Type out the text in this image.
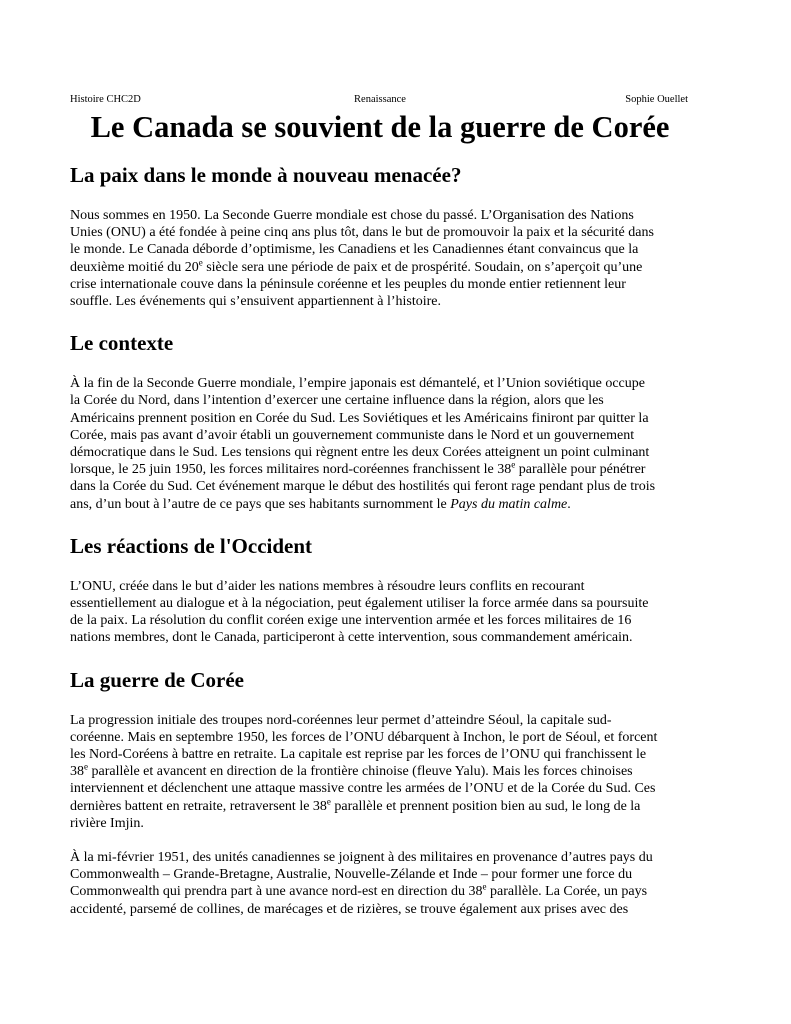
Histoire CHC2D	Renaissance	Sophie Ouellet
Le Canada se souvient de la guerre de Corée
La paix dans le monde à nouveau menacée?

Nous sommes en 1950. La Seconde Guerre mondiale est chose du passé. L’Organisation des Nations
Unies (ONU) a été fondée à peine cinq ans plus tôt, dans le but de promouvoir la paix et la sécurité dans
le monde. Le Canada déborde d’optimisme, les Canadiens et les Canadiennes étant convaincus que la
deuxième moitié du 20e siècle sera une période de paix et de prospérité. Soudain, on s’aperçoit qu’une
crise internationale couve dans la péninsule coréenne et les peuples du monde entier retiennent leur
souffle. Les événements qui s’ensuivent appartiennent à l’histoire.

Le contexte

À la fin de la Seconde Guerre mondiale, l’empire japonais est démantelé, et l’Union soviétique occupe
la Corée du Nord, dans l’intention d’exercer une certaine influence dans la région, alors que les
Américains prennent position en Corée du Sud. Les Soviétiques et les Américains finiront par quitter la
Corée, mais pas avant d’avoir établi un gouvernement communiste dans le Nord et un gouvernement
démocratique dans le Sud. Les tensions qui règnent entre les deux Corées atteignent un point culminant
lorsque, le 25 juin 1950, les forces militaires nord-coréennes franchissent le 38e parallèle pour pénétrer
dans la Corée du Sud. Cet événement marque le début des hostilités qui feront rage pendant plus de trois
ans, d’un bout à l’autre de ce pays que ses habitants surnomment le Pays du matin calme.

Les réactions de l'Occident

L’ONU, créée dans le but d’aider les nations membres à résoudre leurs conflits en recourant
essentiellement au dialogue et à la négociation, peut également utiliser la force armée dans sa poursuite
de la paix. La résolution du conflit coréen exige une intervention armée et les forces militaires de 16
nations membres, dont le Canada, participeront à cette intervention, sous commandement américain.

La guerre de Corée

La progression initiale des troupes nord-coréennes leur permet d’atteindre Séoul, la capitale sud-
coréenne. Mais en septembre 1950, les forces de l’ONU débarquent à Inchon, le port de Séoul, et forcent
les Nord-Coréens à battre en retraite. La capitale est reprise par les forces de l’ONU qui franchissent le
38e parallèle et avancent en direction de la frontière chinoise (fleuve Yalu). Mais les forces chinoises
interviennent et déclenchent une attaque massive contre les armées de l’ONU et de la Corée du Sud. Ces
dernières battent en retraite, retraversent le 38e parallèle et prennent position bien au sud, le long de la
rivière Imjin.

À la mi-février 1951, des unités canadiennes se joignent à des militaires en provenance d’autres pays du
Commonwealth – Grande-Bretagne, Australie, Nouvelle-Zélande et Inde – pour former une force du
Commonwealth qui prendra part à une avance nord-est en direction du 38e parallèle. La Corée, un pays
accidenté, parsemé de collines, de marécages et de rizières, se trouve également aux prises avec des
